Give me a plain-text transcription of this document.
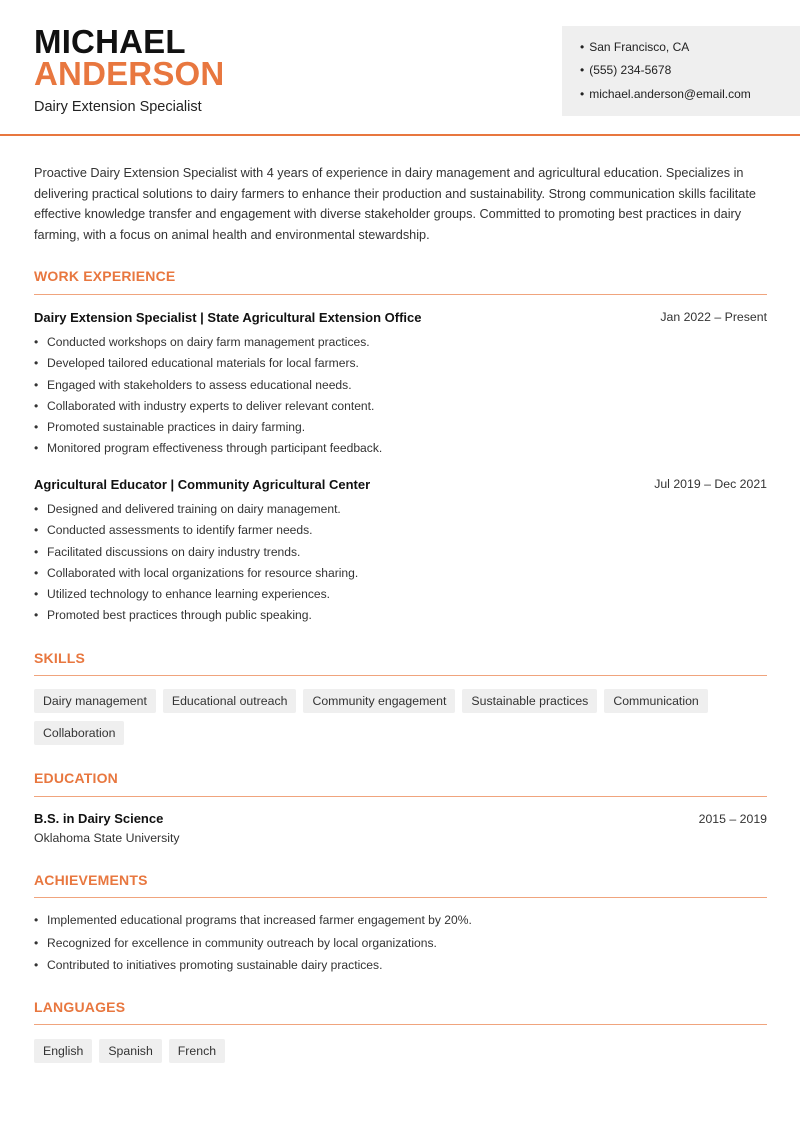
MICHAEL
ANDERSON
Dairy Extension Specialist
• San Francisco, CA
• (555) 234-5678
• michael.anderson@email.com
Proactive Dairy Extension Specialist with 4 years of experience in dairy management and agricultural education. Specializes in delivering practical solutions to dairy farmers to enhance their production and sustainability. Strong communication skills facilitate effective knowledge transfer and engagement with diverse stakeholder groups. Committed to promoting best practices in dairy farming, with a focus on animal health and environmental stewardship.
WORK EXPERIENCE
Dairy Extension Specialist | State Agricultural Extension Office	Jan 2022 – Present
• Conducted workshops on dairy farm management practices.
• Developed tailored educational materials for local farmers.
• Engaged with stakeholders to assess educational needs.
• Collaborated with industry experts to deliver relevant content.
• Promoted sustainable practices in dairy farming.
• Monitored program effectiveness through participant feedback.
Agricultural Educator | Community Agricultural Center	Jul 2019 – Dec 2021
• Designed and delivered training on dairy management.
• Conducted assessments to identify farmer needs.
• Facilitated discussions on dairy industry trends.
• Collaborated with local organizations for resource sharing.
• Utilized technology to enhance learning experiences.
• Promoted best practices through public speaking.
SKILLS
Dairy management	Educational outreach	Community engagement	Sustainable practices	Communication
Collaboration
EDUCATION
B.S. in Dairy Science	2015 – 2019
Oklahoma State University
ACHIEVEMENTS
• Implemented educational programs that increased farmer engagement by 20%.
• Recognized for excellence in community outreach by local organizations.
• Contributed to initiatives promoting sustainable dairy practices.
LANGUAGES
English	Spanish	French
